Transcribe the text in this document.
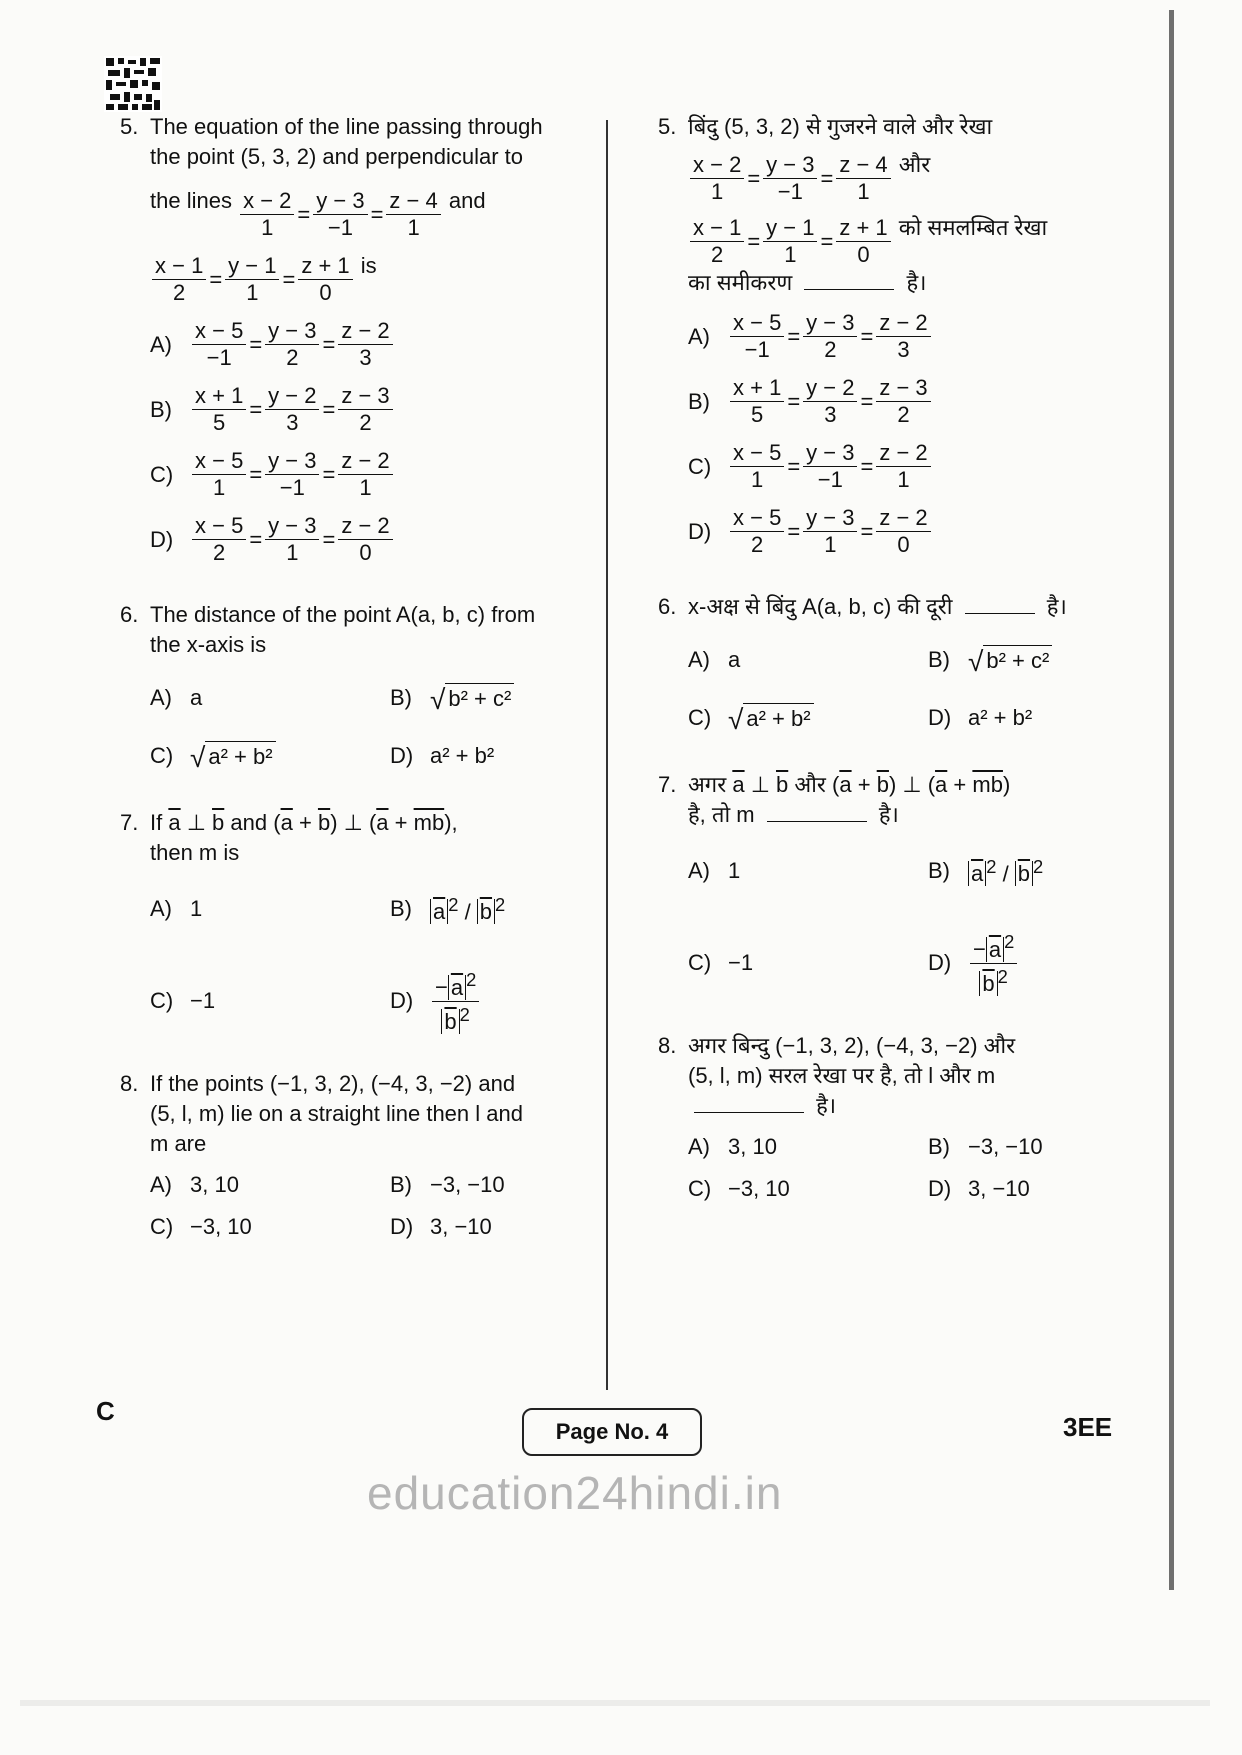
5. The equation of the line passing through
the point (5, 3, 2) and perpendicular to
the lines $\frac{x - 2}{1} = \frac{y - 3}{-1} = \frac{z - 4}{1}$ and
$\frac{x - 1}{2} = \frac{y - 1}{1} = \frac{z + 1}{0}$ is
$A) \frac{x - 5}{-1} = \frac{y - 3}{2} = \frac{z - 2}{3}$
$B) \frac{x + 1}{5} = \frac{y - 2}{3} = \frac{z - 3}{2}$
$C) \frac{x - 5}{1} = \frac{y - 3}{-1} = \frac{z - 2}{1}$
$D) \frac{x - 5}{2} = \frac{y - 3}{1} = \frac{z - 2}{0}$
6. The distance of the point A(a, b, c) from
the x-axis is
A) a	B) √ b² + c²
C) √ a² + b²	D) a² + b²
7. If $\overline{a}$ ⊥ $\overline{b}$ and $(\overline{a} + \overline{b})$ ⊥ $(\overline{a} + \overline{mb})$,
then m is
A) 1	B) $\overline{a}$ $^2 / \overline{b}$ $^2$
C) −1	$D) \frac{- \overline{a} ^2}{\overline{b} ^2}$
8. If the points (−1, 3, 2), (−4, 3, −2) and
(5, l, m) lie on a straight line then l and
m are
A) 3, 10	B) −3, −10
C) −3, 10	D) 3, −10
5. बिंदु (5, 3, 2) से गुजरने वाले और रेखा
$\frac{x - 2}{1} = \frac{y - 3}{-1} = \frac{z - 4}{1}$ और
$\frac{x - 1}{2} = \frac{y - 1}{1} = \frac{z + 1}{0}$ को समलम्बित रेखा
का समीकरण	है।
$A) \frac{x - 5}{-1} = \frac{y - 3}{2} = \frac{z - 2}{3}$
$B) \frac{x + 1}{5} = \frac{y - 2}{3} = \frac{z - 3}{2}$
$C) \frac{x - 5}{1} = \frac{y - 3}{-1} = \frac{z - 2}{1}$
$D) \frac{x - 5}{2} = \frac{y - 3}{1} = \frac{z - 2}{0}$
6. x-अक्ष से बिंदु A(a, b, c) की दूरी	है।
A) a	B) √ b² + c²
C) √ a² + b²	D) a² + b²
7. अगर $\overline{a}$ ⊥ $\overline{b}$ और $(\overline{a} + \overline{b})$ ⊥ $(\overline{a} + \overline{mb})$
है, तो m	है।
A) 1	B) $\overline{a}$ $^2 / \overline{b}$ $^2$
C) −1	$D) \frac{- \overline{a} ^2}{\overline{b} ^2}$
8. अगर बिन्दु (−1, 3, 2), (−4, 3, −2) और
(5, l, m) सरल रेखा पर है, तो l और m
है।
A) 3, 10	B) −3, −10
C) −3, 10	D) 3, −10
C
Page No. 4	3EE
education24hindi.in
